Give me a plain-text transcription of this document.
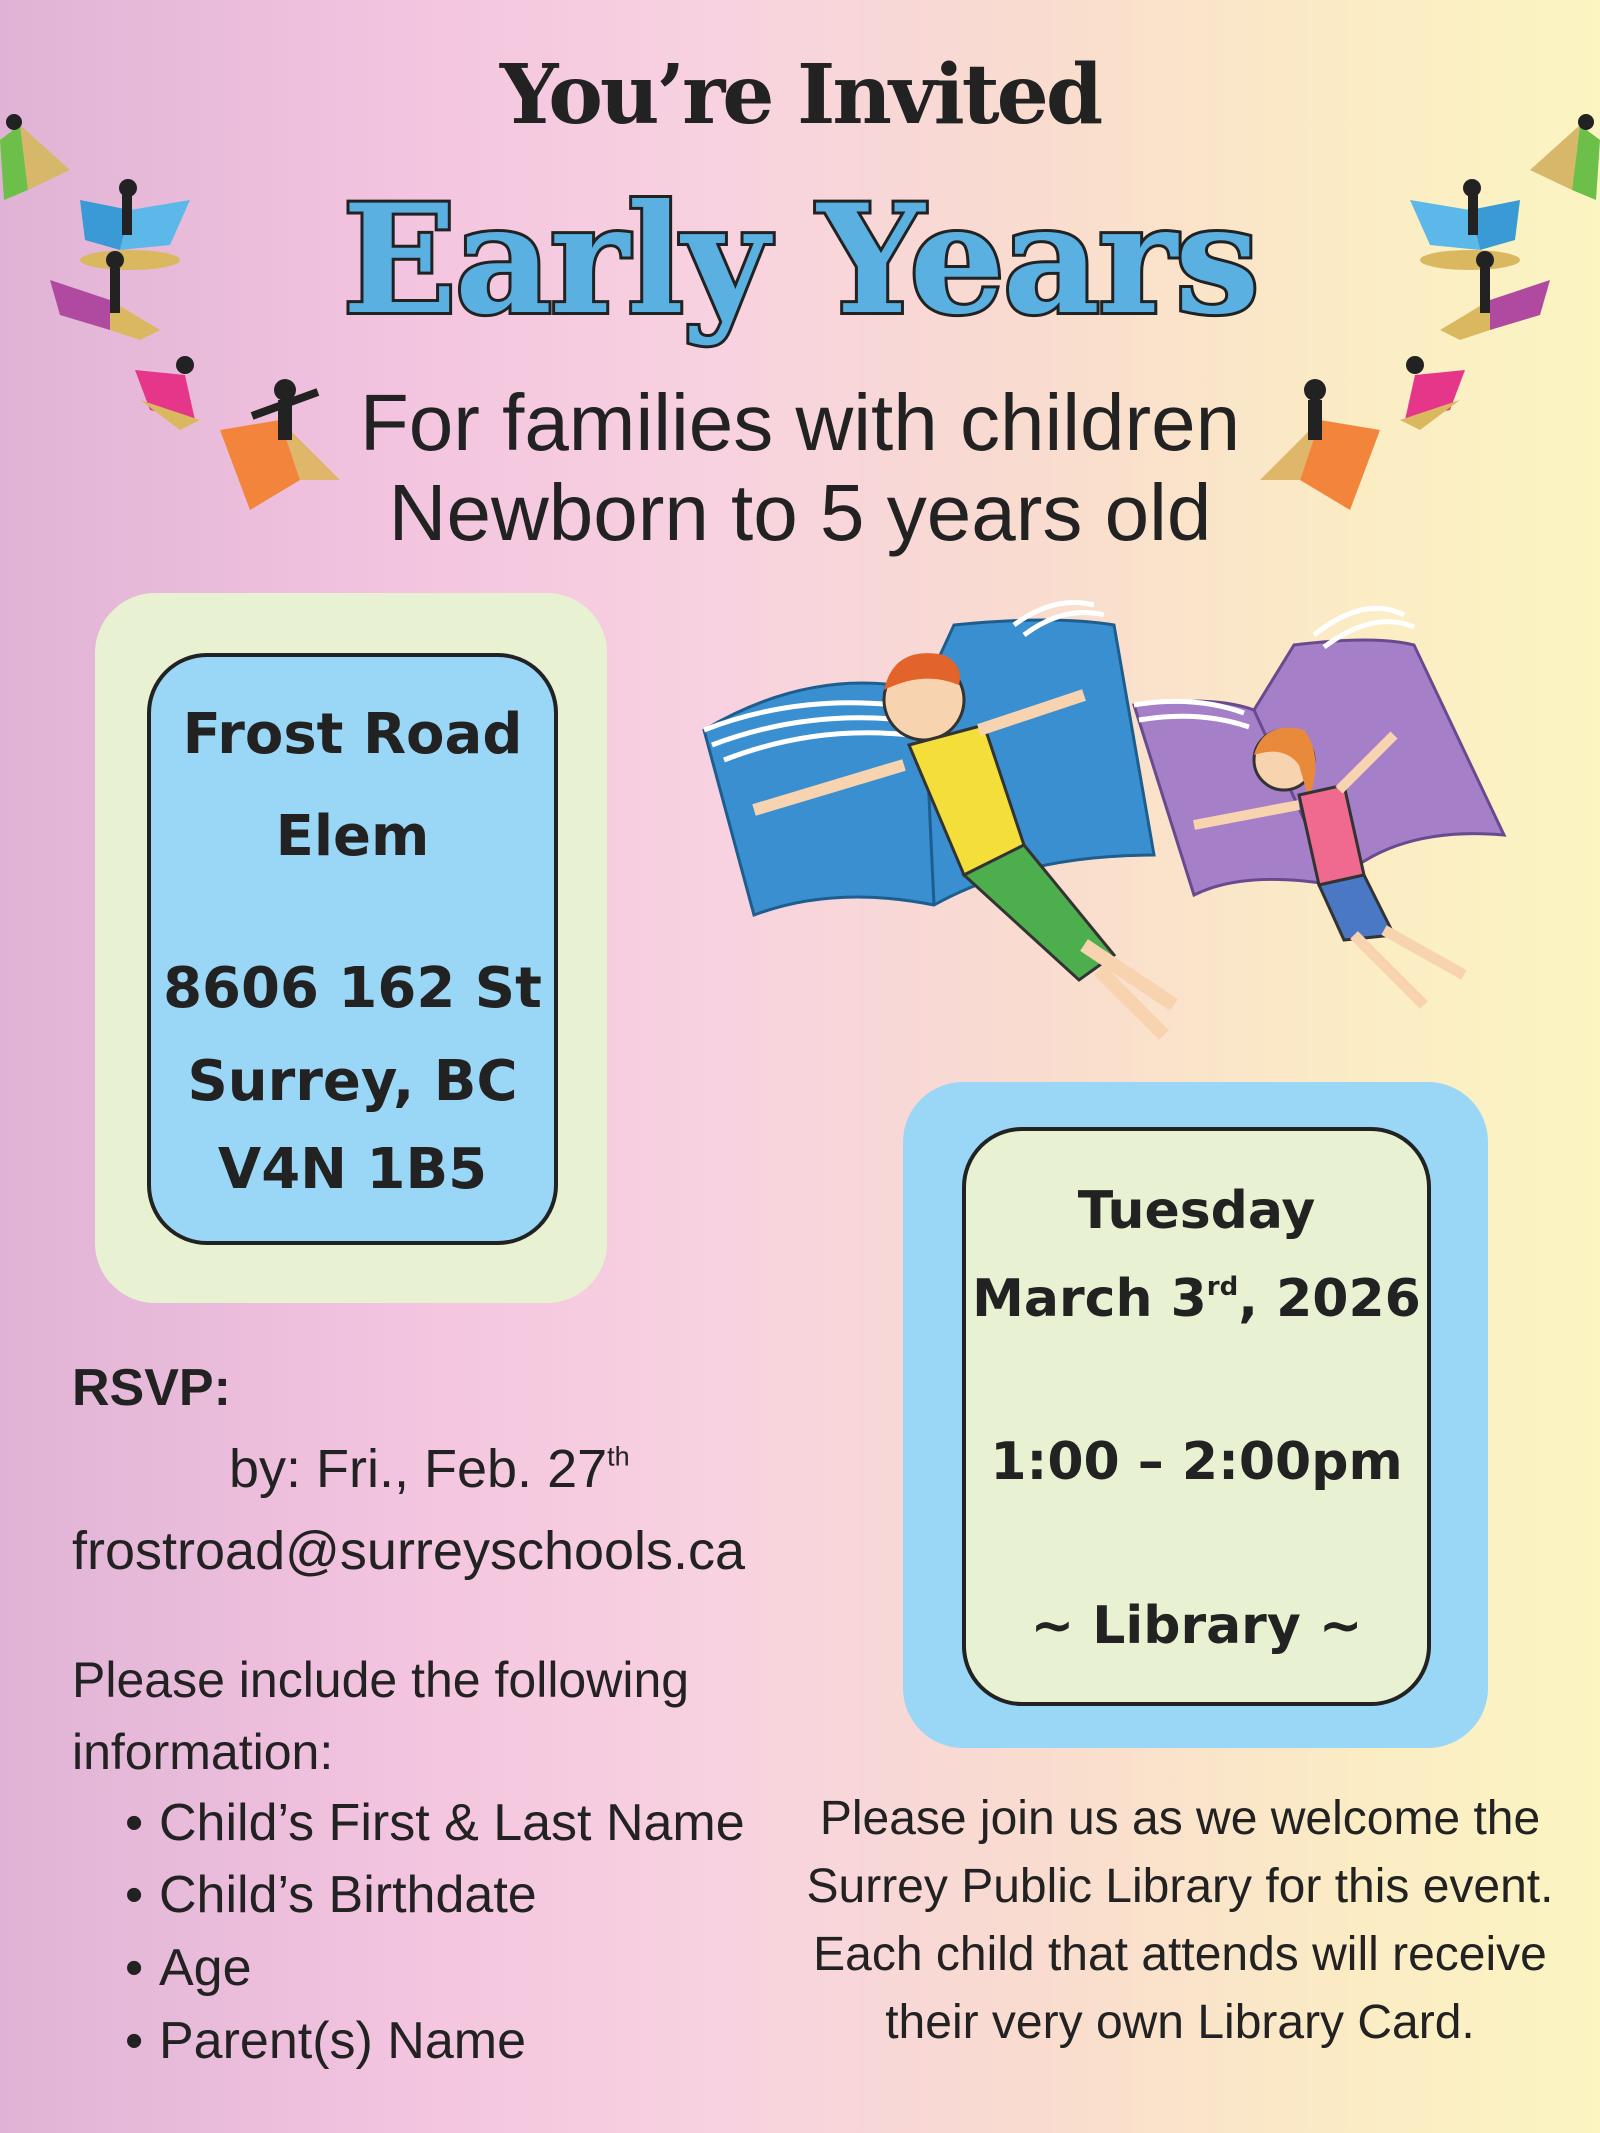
You’re Invited
Early Years
For families with children
Newborn to 5 years old
Frost Road
Elem
8606 162 St
Surrey, BC
V4N 1B5
Tuesday
March 3rd, 2026
1:00 – 2:00pm
~ Library ~
RSVP:
by: Fri., Feb. 27th
frostroad@surreyschools.ca
Please include the following
information:
• Child’s First & Last Name
• Child’s Birthdate
• Age
• Parent(s) Name
Please join us as we welcome the
Surrey Public Library for this event.
Each child that attends will receive
their very own Library Card.
